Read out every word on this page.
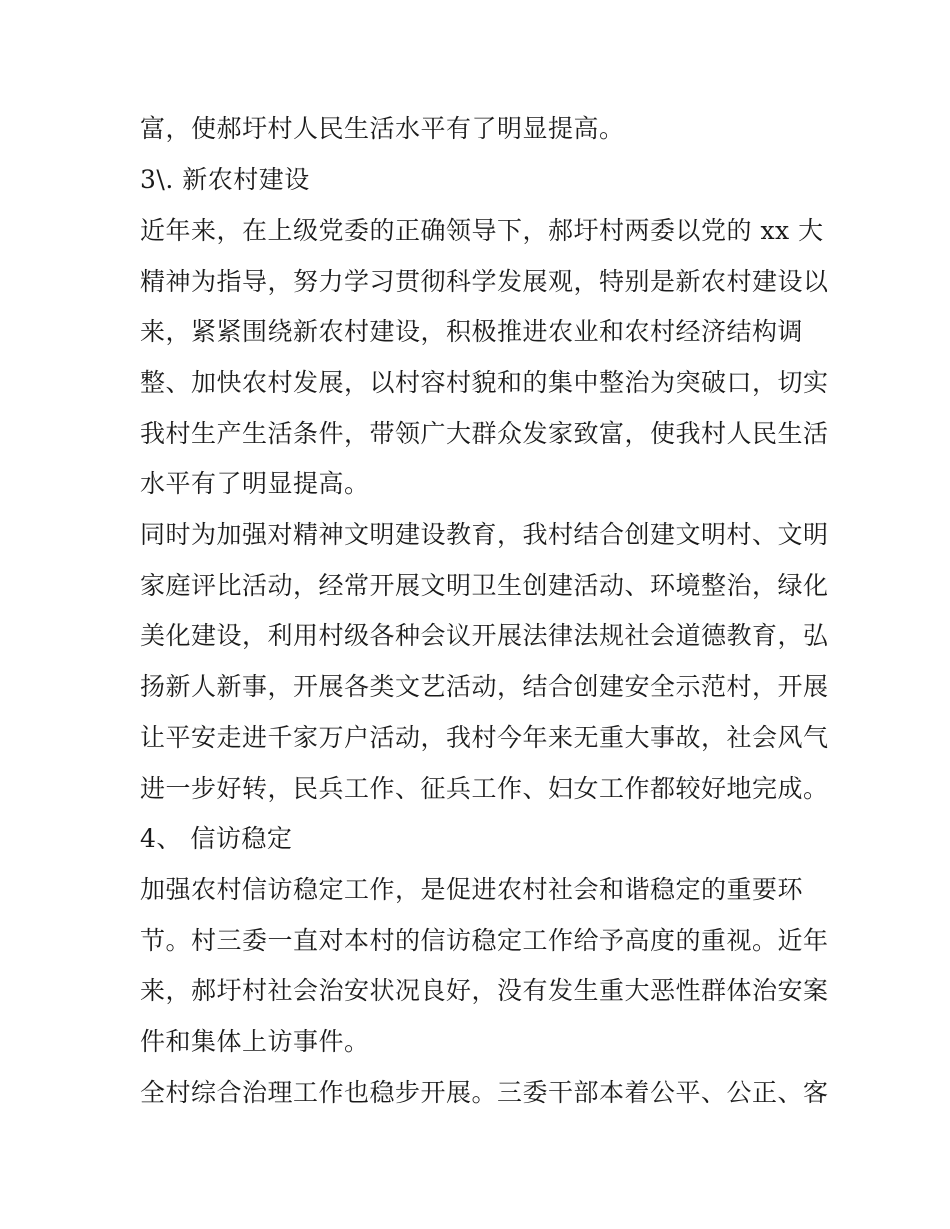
富，使郝圩村人民生活水平有了明显提高。
3\. 新农村建设
近年来，在上级党委的正确领导下，郝圩村两委以党的 xx 大
精神为指导，努力学习贯彻科学发展观，特别是新农村建设以
来，紧紧围绕新农村建设，积极推进农业和农村经济结构调
整、加快农村发展，以村容村貌和的集中整治为突破口，切实
我村生产生活条件，带领广大群众发家致富，使我村人民生活
水平有了明显提高。
同时为加强对精神文明建设教育，我村结合创建文明村、文明
家庭评比活动，经常开展文明卫生创建活动、环境整治，绿化
美化建设，利用村级各种会议开展法律法规社会道德教育，弘
扬新人新事，开展各类文艺活动，结合创建安全示范村，开展
让平安走进千家万户活动，我村今年来无重大事故，社会风气
进一步好转，民兵工作、征兵工作、妇女工作都较好地完成。
4、 信访稳定
加强农村信访稳定工作，是促进农村社会和谐稳定的重要环
节。村三委一直对本村的信访稳定工作给予高度的重视。近年
来，郝圩村社会治安状况良好，没有发生重大恶性群体治安案
件和集体上访事件。
全村综合治理工作也稳步开展。三委干部本着公平、公正、客
